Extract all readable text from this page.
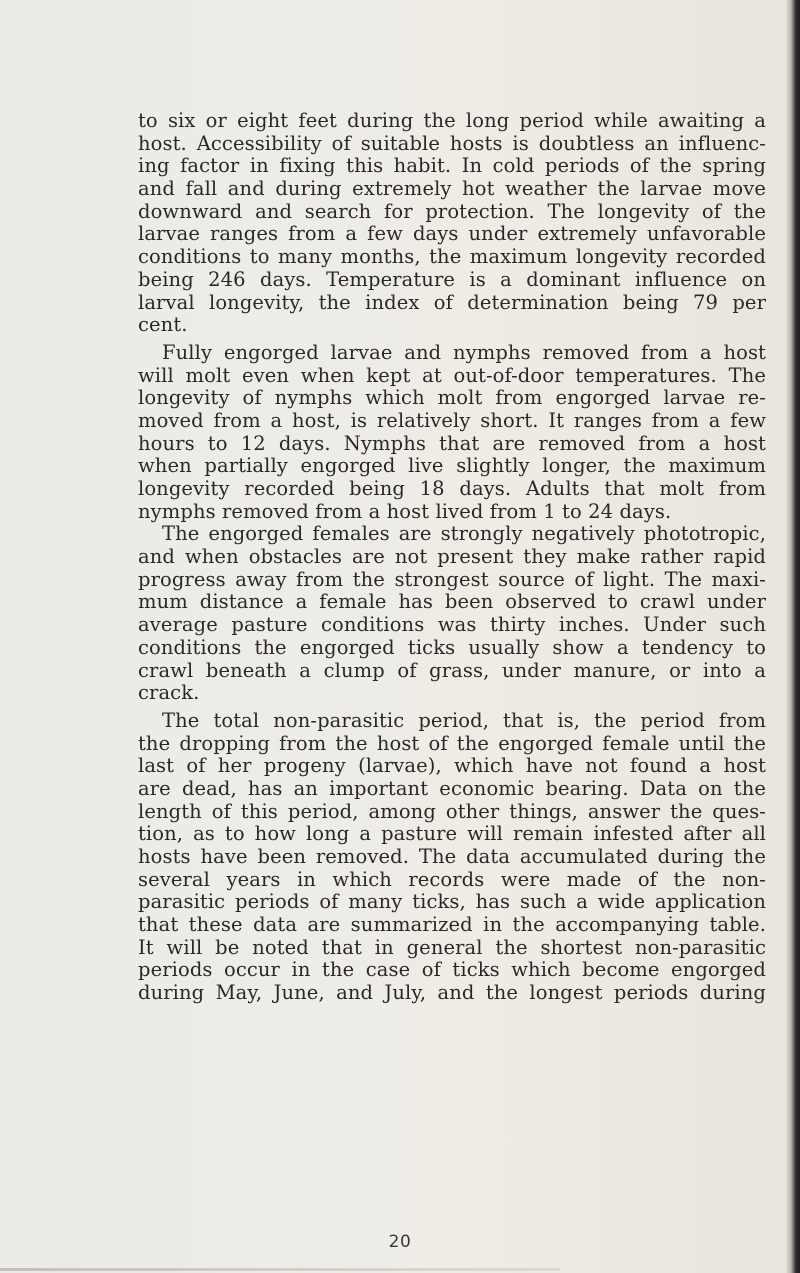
to six or eight feet during the long period while awaiting a
host. Accessibility of suitable hosts is doubtless an influenc-
ing factor in fixing this habit. In cold periods of the spring
and fall and during extremely hot weather the larvae move
downward and search for protection. The longevity of the
larvae ranges from a few days under extremely unfavorable
conditions to many months, the maximum longevity recorded
being 246 days. Temperature is a dominant influence on
larval longevity, the index of determination being 79 per
cent.
Fully engorged larvae and nymphs removed from a host
will molt even when kept at out-of-door temperatures. The
longevity of nymphs which molt from engorged larvae re-
moved from a host, is relatively short. It ranges from a few
hours to 12 days. Nymphs that are removed from a host
when partially engorged live slightly longer, the maximum
longevity recorded being 18 days. Adults that molt from
nymphs removed from a host lived from 1 to 24 days.
The engorged females are strongly negatively phototropic,
and when obstacles are not present they make rather rapid
progress away from the strongest source of light. The maxi-
mum distance a female has been observed to crawl under
average pasture conditions was thirty inches. Under such
conditions the engorged ticks usually show a tendency to
crawl beneath a clump of grass, under manure, or into a
crack.
The total non-parasitic period, that is, the period from
the dropping from the host of the engorged female until the
last of her progeny (larvae), which have not found a host
are dead, has an important economic bearing. Data on the
length of this period, among other things, answer the ques-
tion, as to how long a pasture will remain infested after all
hosts have been removed. The data accumulated during the
several years in which records were made of the non-
parasitic periods of many ticks, has such a wide application
that these data are summarized in the accompanying table.
It will be noted that in general the shortest non-parasitic
periods occur in the case of ticks which become engorged
during May, June, and July, and the longest periods during
20
